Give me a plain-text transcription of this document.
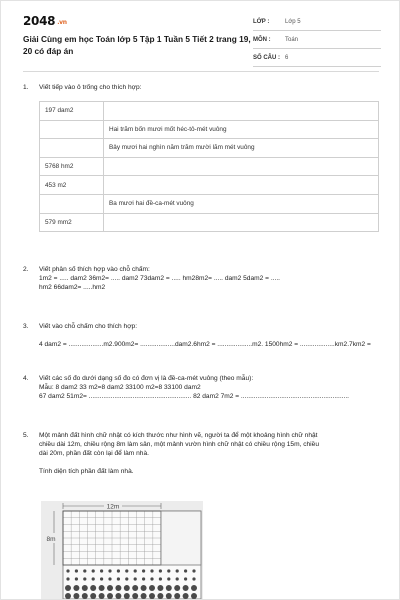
2048 .vn
Giải Cùng em học Toán lớp 5 Tập 1 Tuần 5 Tiết 2 trang 19, 20 có đáp án
LỚP :	Lớp 5
MÔN :	Toán
SỐ CÂU : 6
1. Viết tiếp vào ô trống cho thích hợp:
197 dam2	
	Hai trăm bốn mươi mốt héc-tô-mét vuông
	Bảy mươi hai nghìn năm trăm mười lăm mét vuông
5768 hm2	
453 m2	
	Ba mươi hai đề-ca-mét vuông
579 mm2	
2. Viết phân số thích hợp vào chỗ chấm:
1m2 = ..... dam2 36m2= ..... dam2 73dam2 = ..... hm28m2= ..... dam2 5dam2 = .....
hm2 66dam2= .....hm2
3. Viết vào chỗ chấm cho thích hợp:
4 dam2 = ...................m2.900m2= ...................dam2.6hm2 = ...................m2. 1500hm2 = ...................km2.7km2 =
4. Viết các số đo dưới dạng số đo có đơn vị là đề-ca-mét vuông (theo mẫu):
Mẫu: 8 dam2 33 m2=8 dam2 33100 m2=8 33100 dam2
67 dam2 51m2= ........................................................ 82 dam2 7m2 = ...........................................................
5. Một mảnh đất hình chữ nhật có kích thước như hình vẽ, người ta để một khoảng hình chữ nhật
chiều dài 12m, chiều rộng 8m làm sân, một mảnh vườn hình chữ nhật có chiều rộng 15m, chiều
dài 20m, phần đất còn lại để làm nhà.
Tính diện tích phần đất làm nhà.
12m
8m
